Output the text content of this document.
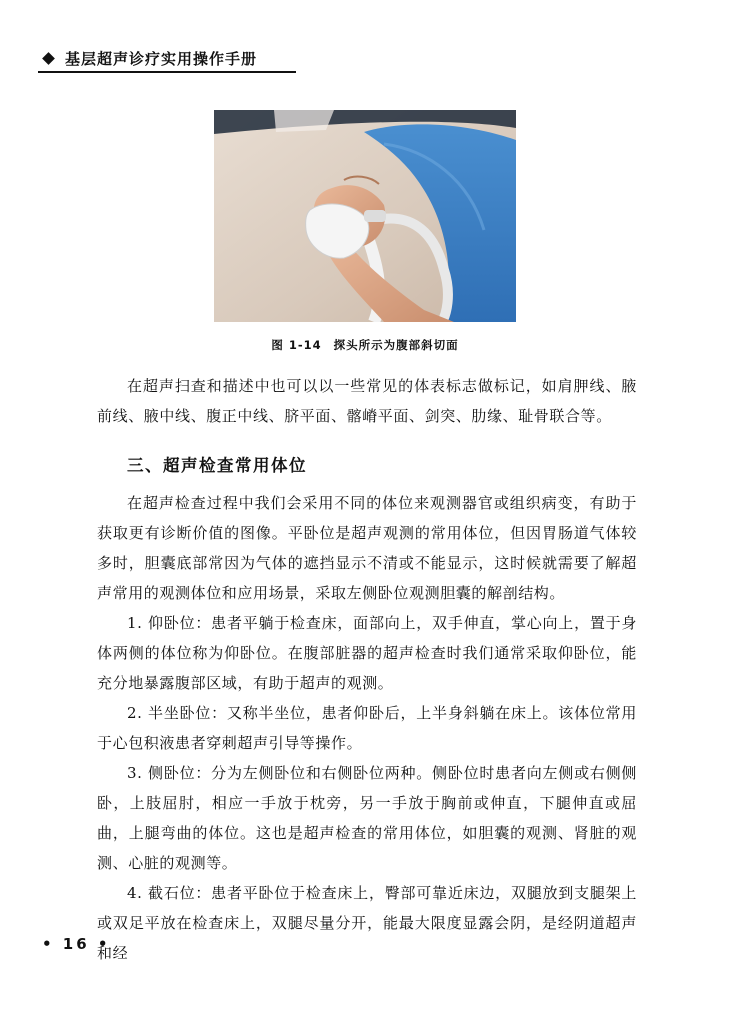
基层超声诊疗实用操作手册
图 1-14 探头所示为腹部斜切面

在超声扫查和描述中也可以以一些常见的体表标志做标记，如肩胛线、腋前线、腋中线、腹正中线、脐平面、髂嵴平面、剑突、肋缘、耻骨联合等。

三、超声检查常用体位

在超声检查过程中我们会采用不同的体位来观测器官或组织病变，有助于获取更有诊断价值的图像。平卧位是超声观测的常用体位，但因胃肠道气体较多时，胆囊底部常因为气体的遮挡显示不清或不能显示，这时候就需要了解超声常用的观测体位和应用场景，采取左侧卧位观测胆囊的解剖结构。

1. 仰卧位：患者平躺于检查床，面部向上，双手伸直，掌心向上，置于身体两侧的体位称为仰卧位。在腹部脏器的超声检查时我们通常采取仰卧位，能充分地暴露腹部区域，有助于超声的观测。

2. 半坐卧位：又称半坐位，患者仰卧后，上半身斜躺在床上。该体位常用于心包积液患者穿刺超声引导等操作。

3. 侧卧位：分为左侧卧位和右侧卧位两种。侧卧位时患者向左侧或右侧侧卧，上肢屈肘，相应一手放于枕旁，另一手放于胸前或伸直，下腿伸直或屈曲，上腿弯曲的体位。这也是超声检查的常用体位，如胆囊的观测、肾脏的观测、心脏的观测等。

4. 截石位：患者平卧位于检查床上，臀部可靠近床边，双腿放到支腿架上或双足平放在检查床上，双腿尽量分开，能最大限度显露会阴，是经阴道超声和经

• 16 •
